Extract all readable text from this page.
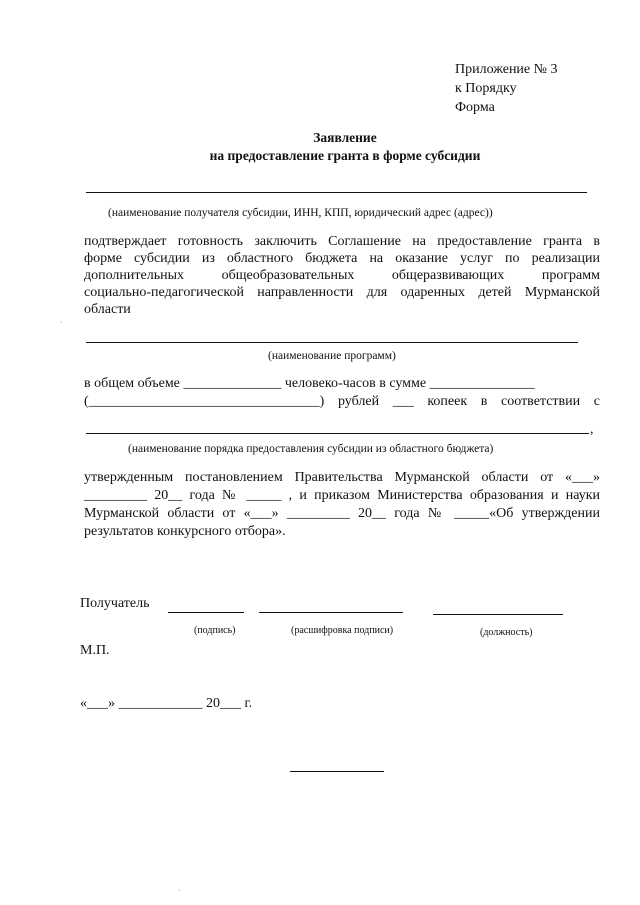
Приложение № 3
к Порядку
Форма
Заявление
на предоставление гранта в форме субсидии
(наименование получателя субсидии, ИНН, КПП, юридический адрес (адрес))
подтверждает готовность заключить Соглашение на предоставление гранта в
форме субсидии из областного бюджета на оказание услуг по реализации
дополнительных общеобразовательных общеразвивающих программ
социально-педагогической направленности для одаренных детей Мурманской
области
(наименование программ)
в общем объеме ______________ человеко-часов в сумме _______________
(_________________________________) рублей ___ копеек в соответствии с
,
(наименование порядка предоставления субсидии из областного бюджета)
утвержденным постановлением Правительства Мурманской области от «___»
_________ 20__ года № _____ , и приказом Министерства образования и науки
Мурманской области от «___» _________ 20__ года № _____«Об утверждении
результатов конкурсного отбора».
Получатель
(подпись)	(расшифровка подписи)	(должность)
М.П.
«___» ____________ 20___ г.
·
·
